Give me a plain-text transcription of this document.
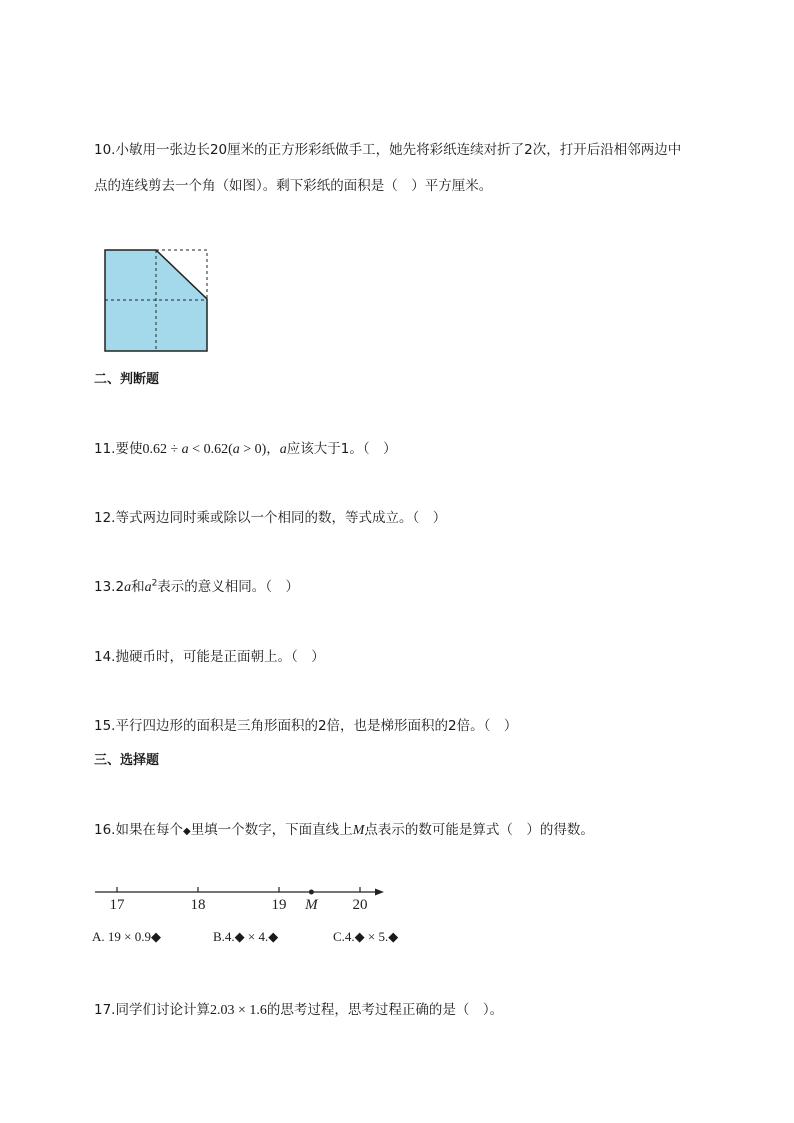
10.小敏用一张边长20厘米的正方形彩纸做手工，她先将彩纸连续对折了2次，打开后沿相邻两边中
点的连线剪去一个角（如图）。剩下彩纸的面积是（　）平方厘米。
二、判断题
11.要使0.62 ÷ a < 0.62(a > 0)，a应该大于1。（　）
12.等式两边同时乘或除以一个相同的数，等式成立。（　）
13.2a和$a^2$表示的意义相同。（　）
14.抛硬币时，可能是正面朝上。（　）
15.平行四边形的面积是三角形面积的2倍，也是梯形面积的2倍。（　）
三、选择题
16.如果在每个◆里填一个数字，下面直线上M点表示的数可能是算式（　）的得数。
17	18	19	20
M
A. 19 × 0.9◆	B.4.◆ × 4.◆	C.4.◆ × 5.◆
17.同学们讨论计算2.03 × 1.6的思考过程，思考过程正确的是（　）。
